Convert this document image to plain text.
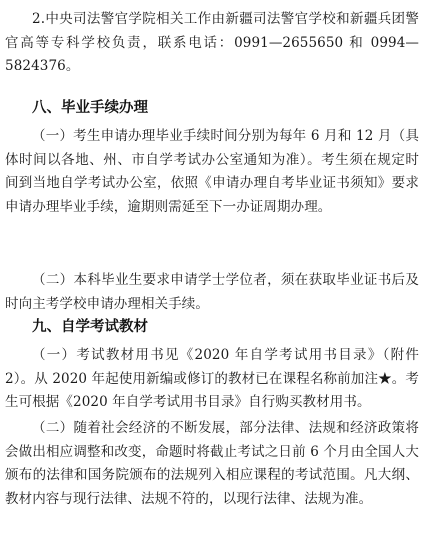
2.中央司法警官学院相关工作由新疆司法警官学校和新疆兵团警官高等专科学校负责，联系电话：0991—2655650 和 0994—5824376。

八、毕业手续办理

（一）考生申请办理毕业手续时间分别为每年 6 月和 12 月（具体时间以各地、州、市自学考试办公室通知为准）。考生须在规定时间到当地自学考试办公室，依照《申请办理自考毕业证书须知》要求申请办理毕业手续，逾期则需延至下一办证周期办理。

（二）本科毕业生要求申请学士学位者，须在获取毕业证书后及时向主考学校申请办理相关手续。

九、自学考试教材

（一）考试教材用书见《2020 年自学考试用书目录》（附件 2）。从 2020 年起使用新编或修订的教材已在课程名称前加注★。考生可根据《2020 年自学考试用书目录》自行购买教材用书。

（二）随着社会经济的不断发展，部分法律、法规和经济政策将会做出相应调整和改变，命题时将截止考试之日前 6 个月由全国人大颁布的法律和国务院颁布的法规列入相应课程的考试范围。凡大纲、教材内容与现行法律、法规不符的，以现行法律、法规为准。
